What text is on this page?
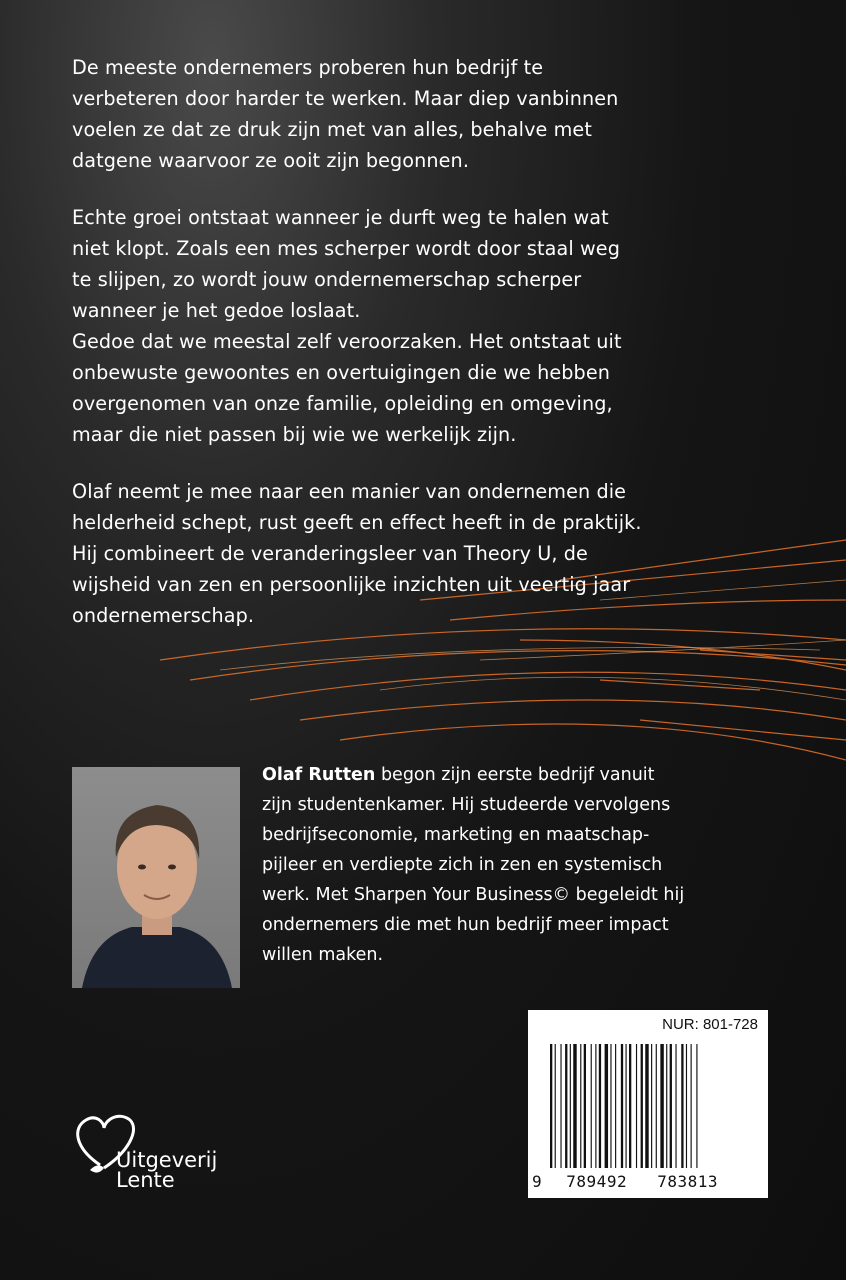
De meeste ondernemers proberen hun bedrijf te
verbeteren door harder te werken. Maar diep vanbinnen
voelen ze dat ze druk zijn met van alles, behalve met
datgene waarvoor ze ooit zijn begonnen.

Echte groei ontstaat wanneer je durft weg te halen wat
niet klopt. Zoals een mes scherper wordt door staal weg
te slijpen, zo wordt jouw ondernemerschap scherper
wanneer je het gedoe loslaat.
Gedoe dat we meestal zelf veroorzaken. Het ontstaat uit
onbewuste gewoontes en overtuigingen die we hebben
overgenomen van onze familie, opleiding en omgeving,
maar die niet passen bij wie we werkelijk zijn.

Olaf neemt je mee naar een manier van ondernemen die
helderheid schept, rust geeft en effect heeft in de praktijk.
Hij combineert de veranderingsleer van Theory U, de
wijsheid van zen en persoonlijke inzichten uit veertig jaar
ondernemerschap.

Olaf Rutten begon zijn eerste bedrijf vanuit
zijn studentenkamer. Hij studeerde vervolgens
bedrijfseconomie, marketing en maatschap-
pijleer en verdiepte zich in zen en systemisch
werk. Met Sharpen Your Business© begeleidt hij
ondernemers die met hun bedrijf meer impact
willen maken.
NUR: 801-728
9 789492 783813
Uitgeverij
Lente
